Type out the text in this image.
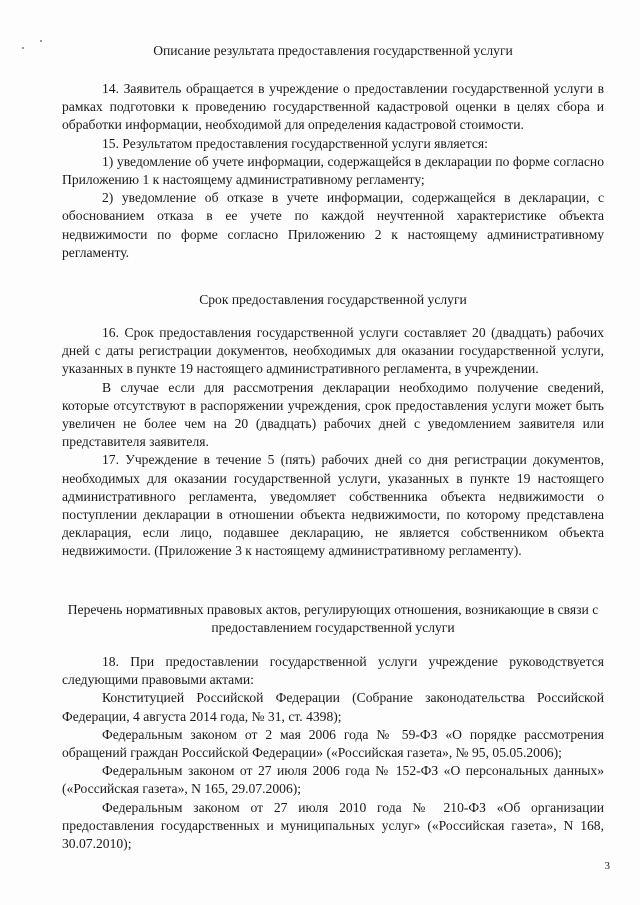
Описание результата предоставления государственной услуги

14. Заявитель обращается в учреждение о предоставлении государственной услуги в рамках подготовки к проведению государственной кадастровой оценки в целях сбора и обработки информации, необходимой для определения кадастровой стоимости.

15. Результатом предоставления государственной услуги является:

1) уведомление об учете информации, содержащейся в декларации по форме согласно Приложению 1 к настоящему административному регламенту;

2) уведомление об отказе в учете информации, содержащейся в декларации, с обоснованием отказа в ее учете по каждой неучтенной характеристике объекта недвижимости по форме согласно Приложению 2 к настоящему административному регламенту.

Срок предоставления государственной услуги

16. Срок предоставления государственной услуги составляет 20 (двадцать) рабочих дней с даты регистрации документов, необходимых для оказании государственной услуги, указанных в пункте 19 настоящего административного регламента, в учреждении.

В случае если для рассмотрения декларации необходимо получение сведений, которые отсутствуют в распоряжении учреждения, срок предоставления услуги может быть увеличен не более чем на 20 (двадцать) рабочих дней с уведомлением заявителя или представителя заявителя.

17. Учреждение в течение 5 (пять) рабочих дней со дня регистрации документов, необходимых для оказании государственной услуги, указанных в пункте 19 настоящего административного регламента, уведомляет собственника объекта недвижимости о поступлении декларации в отношении объекта недвижимости, по которому представлена декларация, если лицо, подавшее декларацию, не является собственником объекта недвижимости. (Приложение 3 к настоящему административному регламенту).

Перечень нормативных правовых актов, регулирующих отношения, возникающие в связи с предоставлением государственной услуги

18. При предоставлении государственной услуги учреждение руководствуется следующими правовыми актами:

Конституцией Российской Федерации (Собрание законодательства Российской Федерации, 4 августа 2014 года, № 31, ст. 4398);

Федеральным законом от 2 мая 2006 года № 59-ФЗ «О порядке рассмотрения обращений граждан Российской Федерации» («Российская газета», № 95, 05.05.2006);

Федеральным законом от 27 июля 2006 года № 152-ФЗ «О персональных данных» («Российская газета», N 165, 29.07.2006);

Федеральным законом от 27 июля 2010 года № 210-ФЗ «Об организации предоставления государственных и муниципальных услуг» («Российская газета», N 168, 30.07.2010);

3
